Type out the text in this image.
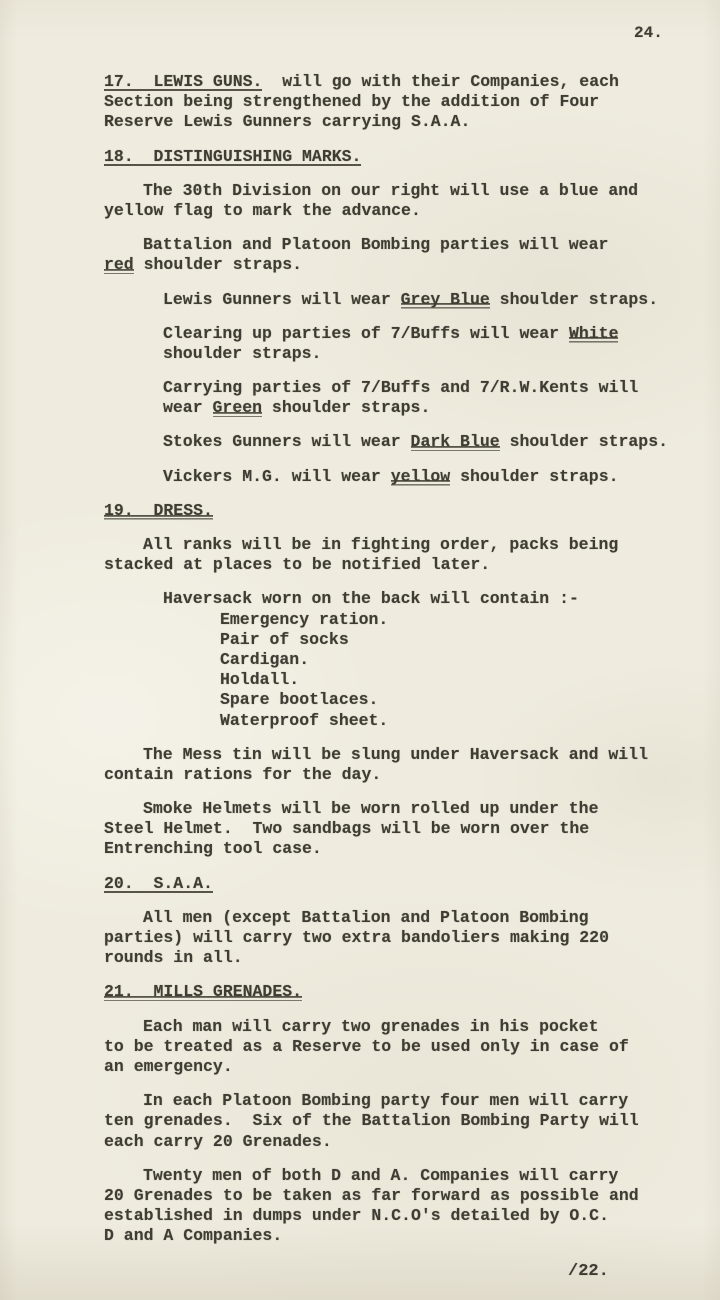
24.
17.  LEWIS GUNS.  will go with their Companies, each
Section being strengthened by the addition of Four
Reserve Lewis Gunners carrying S.A.A.
18.  DISTINGUISHING MARKS.
The 30th Division on our right will use a blue and
yellow flag to mark the advance.
Battalion and Platoon Bombing parties will wear
red shoulder straps.
Lewis Gunners will wear Grey Blue shoulder straps.
Clearing up parties of 7/Buffs will wear White
shoulder straps.
Carrying parties of 7/Buffs and 7/R.W.Kents will
wear Green shoulder straps.
Stokes Gunners will wear Dark Blue shoulder straps.
Vickers M.G. will wear yellow shoulder straps.
19.  DRESS.
All ranks will be in fighting order, packs being
stacked at places to be notified later.
Haversack worn on the back will contain :-
Emergency ration.
Pair of socks
Cardigan.
Holdall.
Spare bootlaces.
Waterproof sheet.
The Mess tin will be slung under Haversack and will
contain rations for the day.
Smoke Helmets will be worn rolled up under the
Steel Helmet.  Two sandbags will be worn over the
Entrenching tool case.
20.  S.A.A.
All men (except Battalion and Platoon Bombing
parties) will carry two extra bandoliers making 220
rounds in all.
21.  MILLS GRENADES.
Each man will carry two grenades in his pocket
to be treated as a Reserve to be used only in case of
an emergency.
In each Platoon Bombing party four men will carry
ten grenades.  Six of the Battalion Bombing Party will
each carry 20 Grenades.
Twenty men of both D and A. Companies will carry
20 Grenades to be taken as far forward as possible and
established in dumps under N.C.O's detailed by O.C.
D and A Companies.
/22.
